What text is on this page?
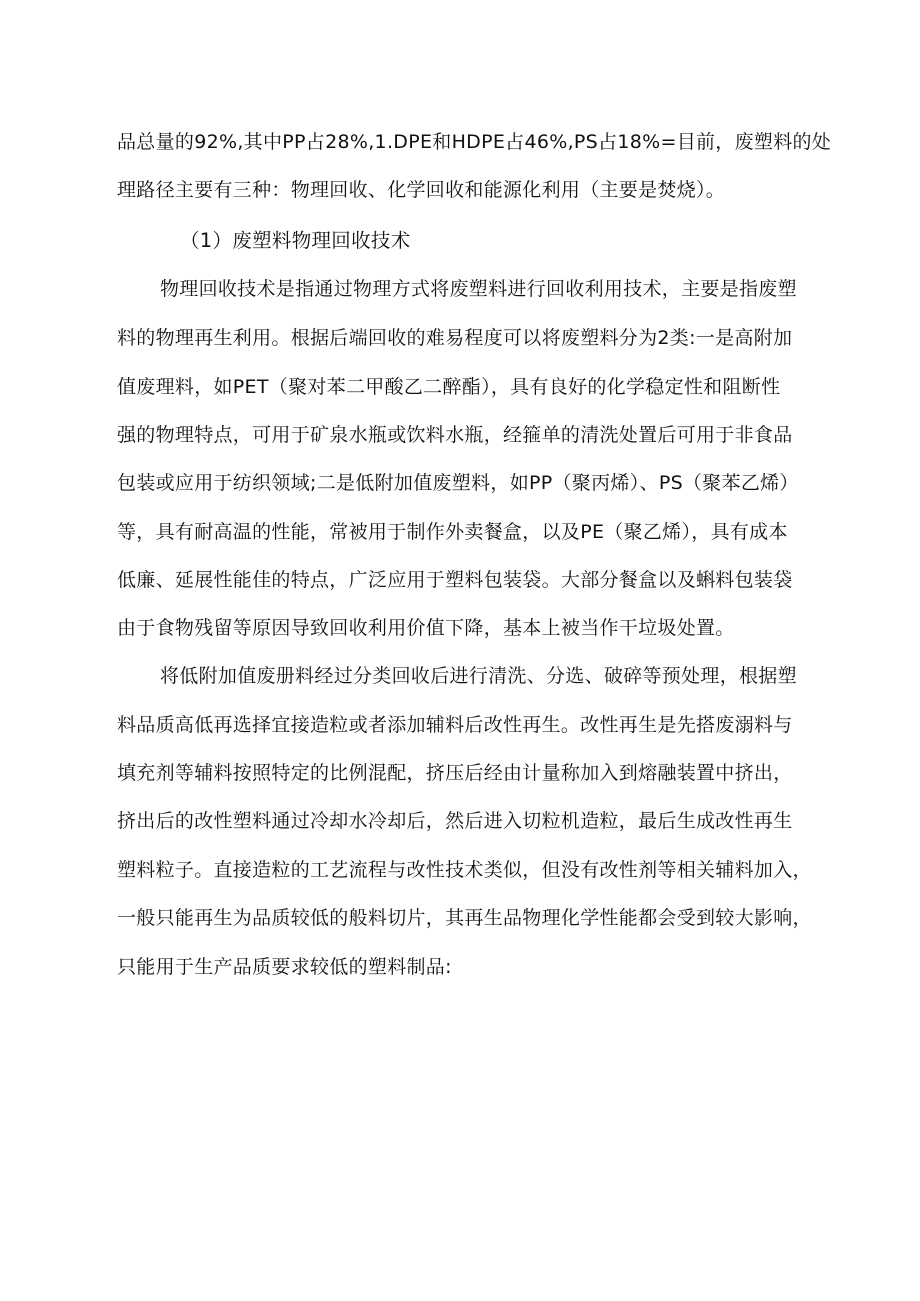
品总量的92%,其中PP占28%,1.DPE和HDPE占46%,PS占18%=目前，废塑料的处

理路径主要有三种：物理回收、化学回收和能源化利用（主要是焚烧）。

（1）废塑料物理回收技术

物理回收技术是指通过物理方式将废塑料进行回收利用技术，主要是指废塑

料的物理再生利用。根据后端回收的难易程度可以将废塑料分为2类:一是高附加

值废理料，如PET（聚对苯二甲酸乙二醉酯），具有良好的化学稳定性和阻断性

强的物理特点，可用于矿泉水瓶或饮料水瓶，经箍单的清洗处置后可用于非食品

包装或应用于纺织领域;二是低附加值废塑料，如PP（聚丙烯）、PS（聚苯乙烯）

等，具有耐高温的性能，常被用于制作外卖餐盒，以及PE（聚乙烯），具有成本

低廉、延展性能佳的特点，广泛应用于塑料包装袋。大部分餐盒以及蝌料包装袋

由于食物残留等原因导致回收利用价值下降，基本上被当作干垃圾处置。

将低附加值废册料经过分类回收后进行清洗、分选、破碎等预处理，根据塑

料品质高低再选择宜接造粒或者添加辅料后改性再生。改性再生是先搭废溺料与

填充剂等辅料按照特定的比例混配，挤压后经由计量称加入到熔融装置中挤出，

挤出后的改性塑料通过冷却水冷却后，然后进入切粒机造粒，最后生成改性再生

塑料粒子。直接造粒的工艺流程与改性技术类似，但没有改性剂等相关辅料加入，

一般只能再生为品质较低的般料切片，其再生品物理化学性能都会受到较大影响，

只能用于生产品质要求较低的塑料制品:
